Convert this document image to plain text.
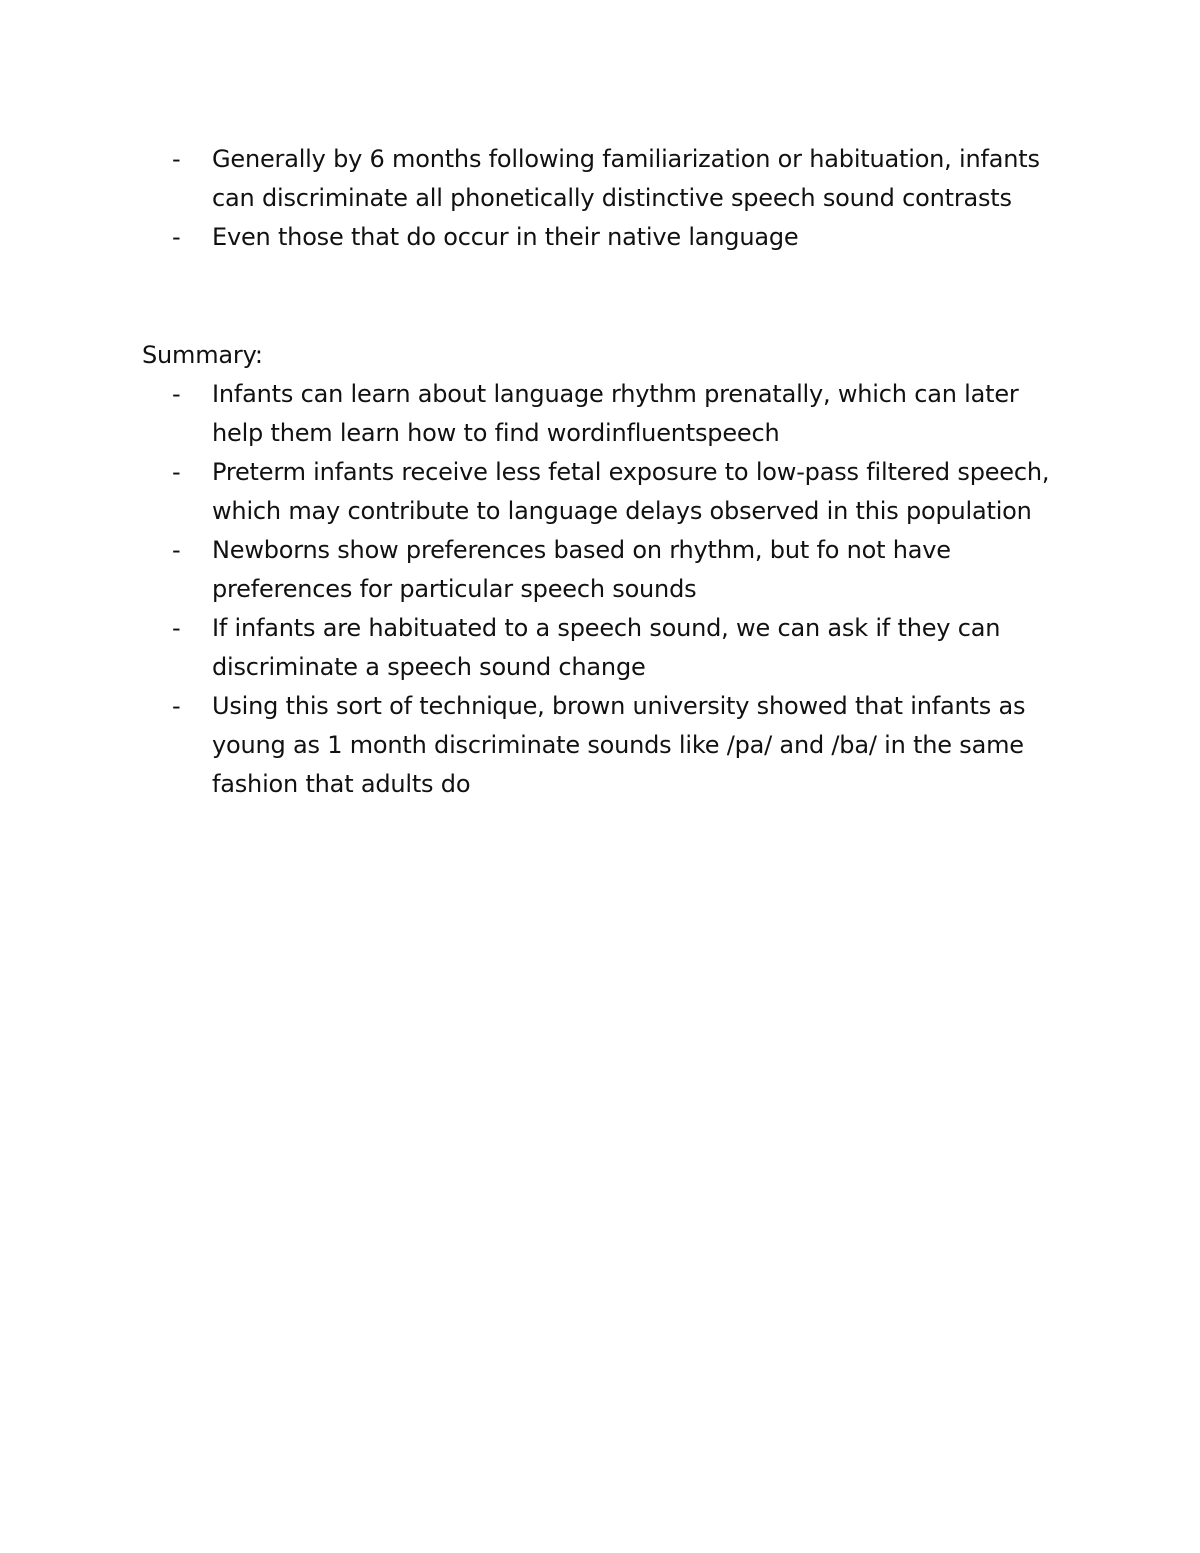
- Generally by 6 months following familiarization or habituation, infants can discriminate all phonetically distinctive speech sound contrasts
- Even those that do occur in their native language
Summary:
- Infants can learn about language rhythm prenatally, which can later help them learn how to find wordinfluentspeech
- Preterm infants receive less fetal exposure to low-pass filtered speech, which may contribute to language delays observed in this population
- Newborns show preferences based on rhythm, but fo not have preferences for particular speech sounds
- If infants are habituated to a speech sound, we can ask if they can discriminate a speech sound change
- Using this sort of technique, brown university showed that infants as young as 1 month discriminate sounds like /pa/ and /ba/ in the same fashion that adults do
